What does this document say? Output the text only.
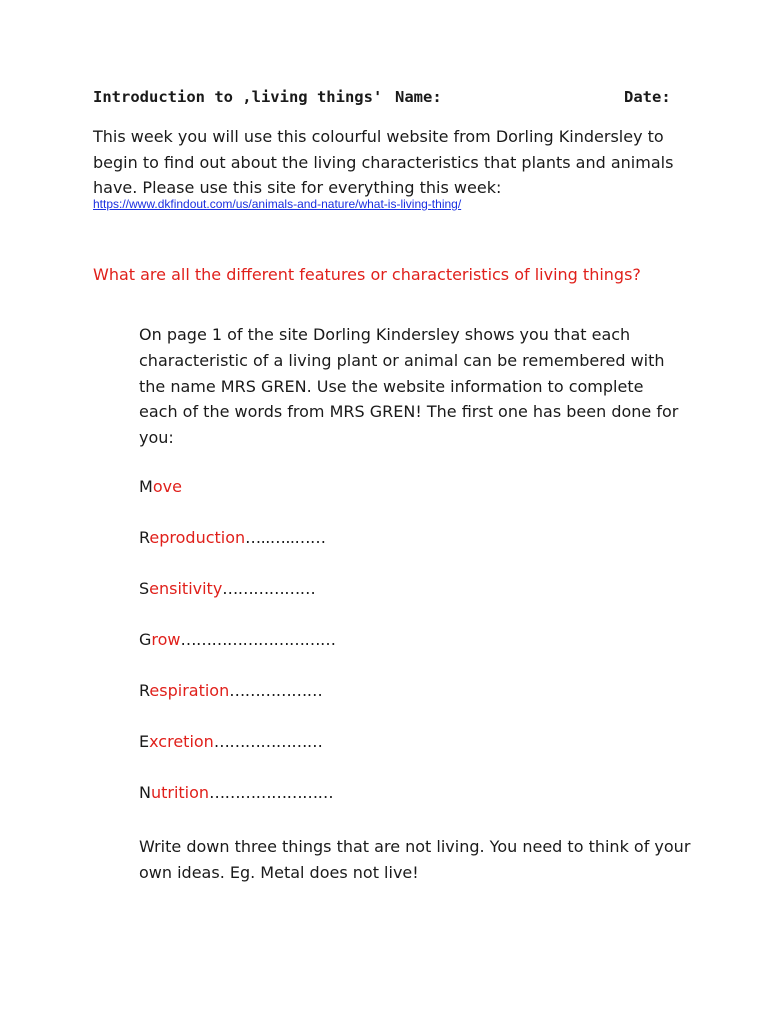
Introduction to ‚living things' Name:	Date:

This week you will use this colourful website from Dorling Kindersley to begin to find out about the living characteristics that plants and animals have. Please use this site for everything this week:

https://www.dkfindout.com/us/animals-and-nature/what-is-living-thing/
What are all the different features or characteristics of living things?
On page 1 of the site Dorling Kindersley shows you that each characteristic of a living plant or animal can be remembered with the name MRS GREN. Use the website information to complete each of the words from MRS GREN! The first one has been done for you:
Move
Reproduction…..…..……
Sensitivity………………
Grow…………………………
Respiration………………
Excretion…………………
Nutrition……………………
Write down three things that are not living. You need to think of your own ideas. Eg. Metal does not live!
